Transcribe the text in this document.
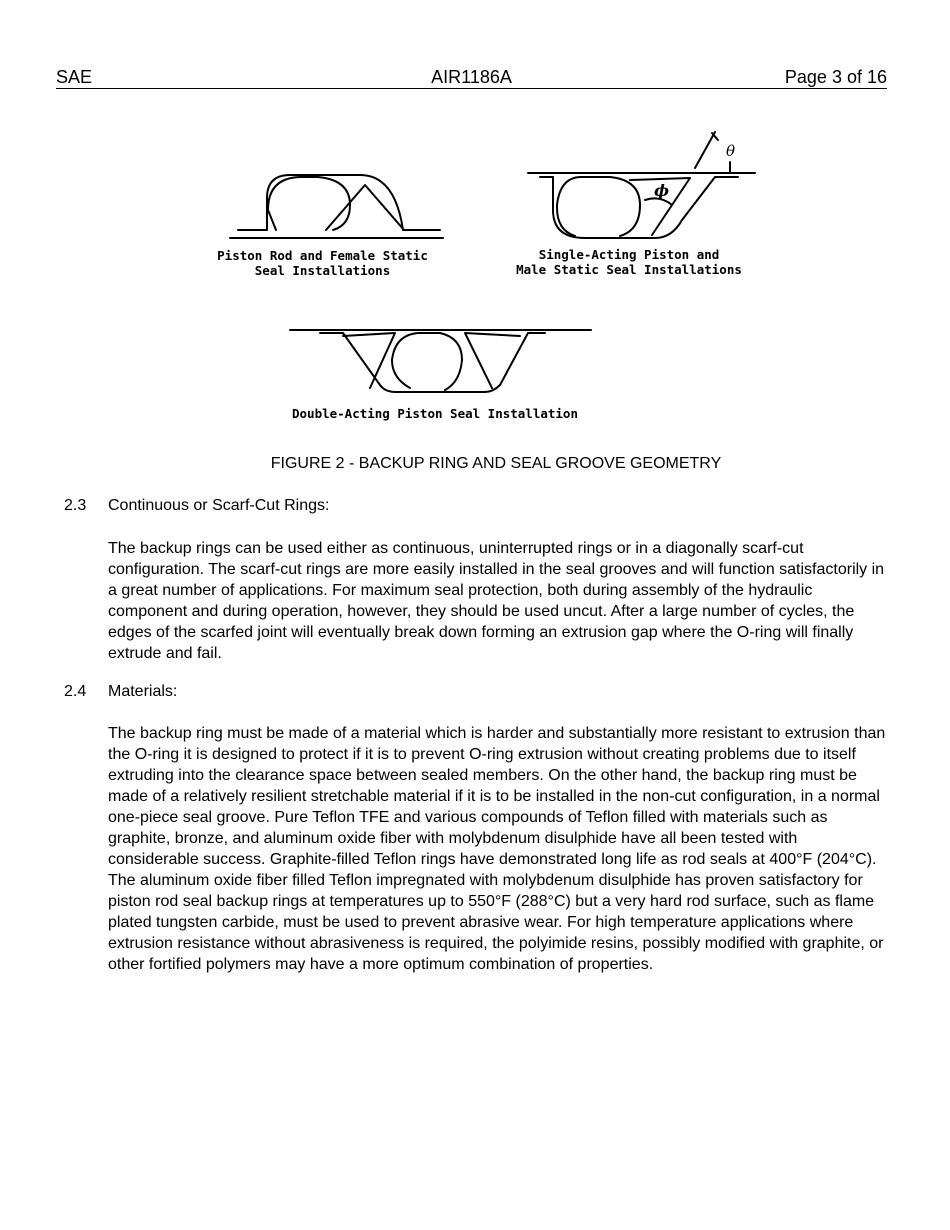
SAE	AIR1186A	Page 3 of 16
θ
ϕ
Piston Rod and Female Static
Seal Installations
Single-Acting Piston and
Male Static Seal Installations
Double-Acting Piston Seal Installation
FIGURE 2 - BACKUP RING AND SEAL GROOVE GEOMETRY
2.3 Continuous or Scarf-Cut Rings:

The backup rings can be used either as continuous, uninterrupted rings or in a diagonally scarf-cut configuration. The scarf-cut rings are more easily installed in the seal grooves and will function satisfactorily in a great number of applications. For maximum seal protection, both during assembly of the hydraulic component and during operation, however, they should be used uncut. After a large number of cycles, the edges of the scarfed joint will eventually break down forming an extrusion gap where the O-ring will finally extrude and fail.

2.4 Materials:

The backup ring must be made of a material which is harder and substantially more resistant to extrusion than the O-ring it is designed to protect if it is to prevent O-ring extrusion without creating problems due to itself extruding into the clearance space between sealed members. On the other hand, the backup ring must be made of a relatively resilient stretchable material if it is to be installed in the non-cut configuration, in a normal one-piece seal groove. Pure Teflon TFE and various compounds of Teflon filled with materials such as graphite, bronze, and aluminum oxide fiber with molybdenum disulphide have all been tested with considerable success. Graphite-filled Teflon rings have demonstrated long life as rod seals at 400°F (204°C). The aluminum oxide fiber filled Teflon impregnated with molybdenum disulphide has proven satisfactory for piston rod seal backup rings at temperatures up to 550°F (288°C) but a very hard rod surface, such as flame plated tungsten carbide, must be used to prevent abrasive wear. For high temperature applications where extrusion resistance without abrasiveness is required, the polyimide resins, possibly modified with graphite, or other fortified polymers may have a more optimum combination of properties.
